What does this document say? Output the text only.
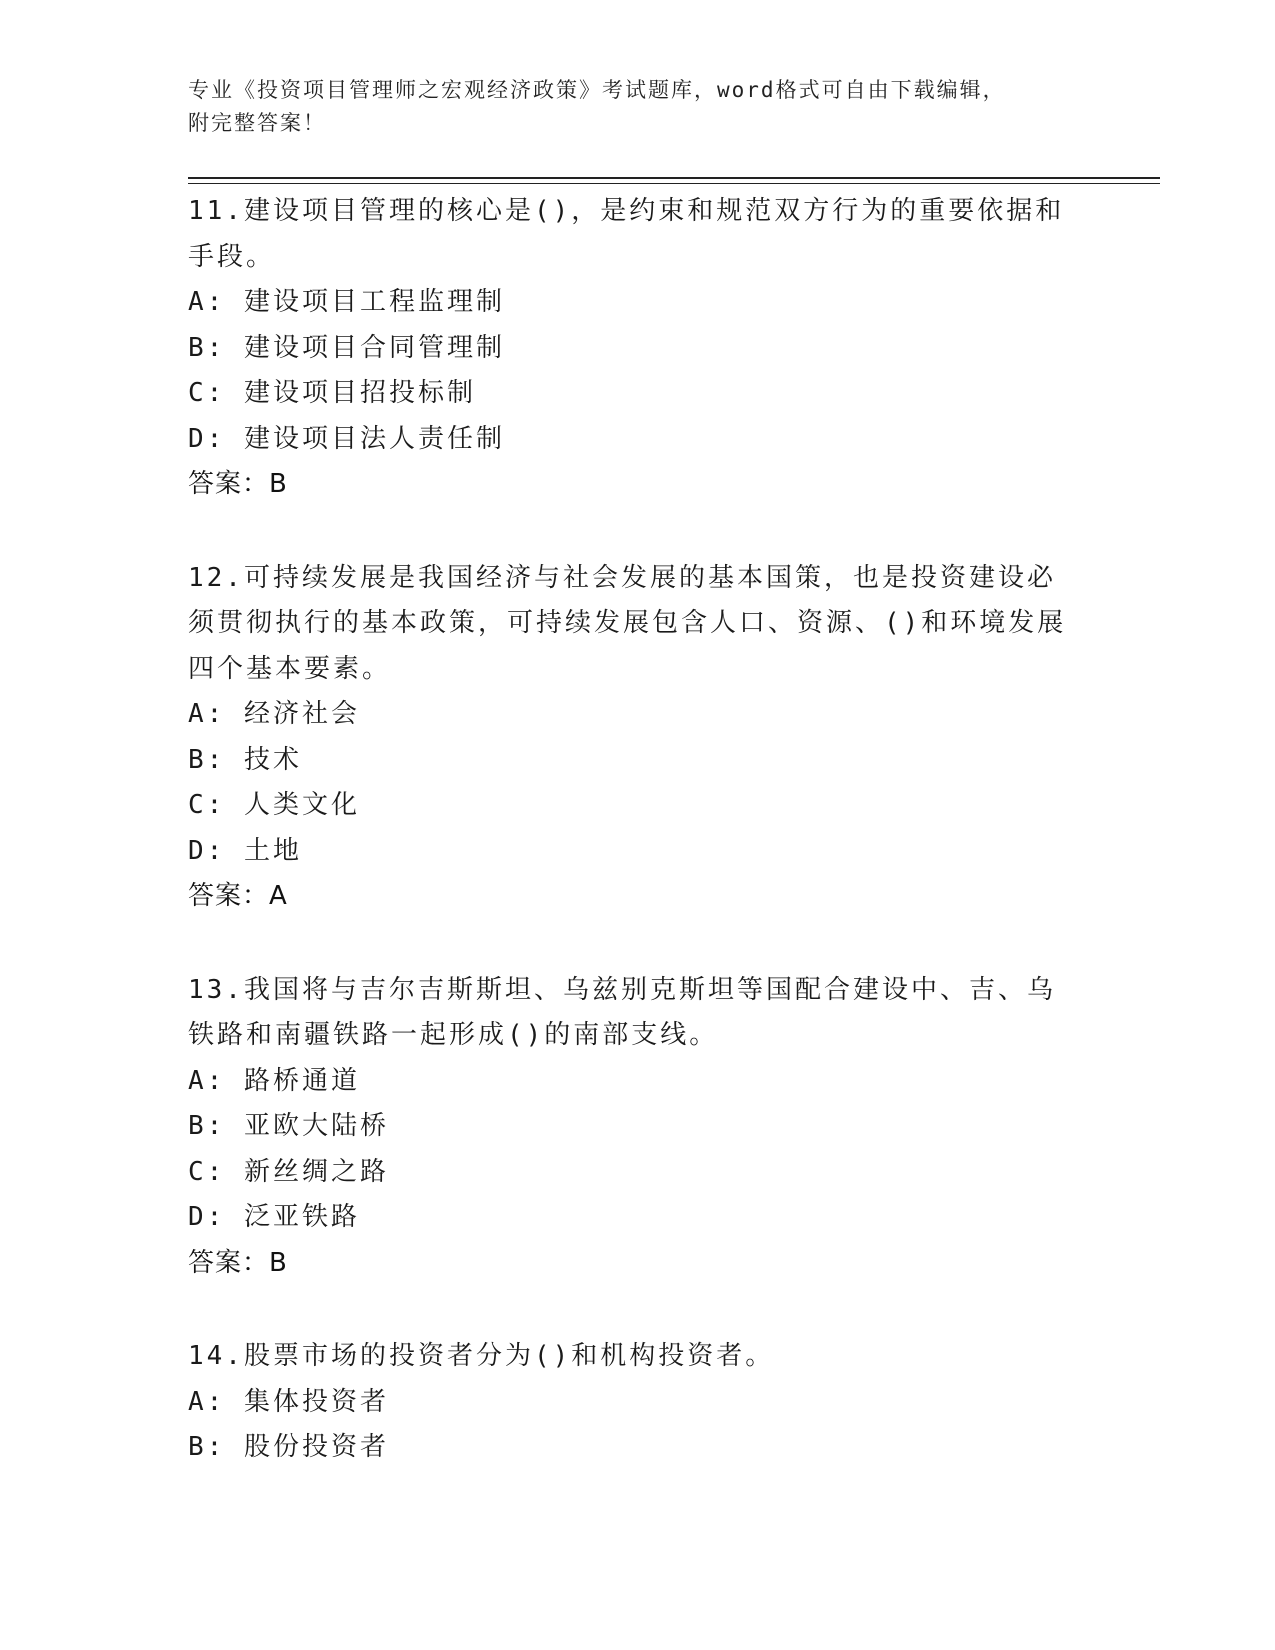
专业《投资项目管理师之宏观经济政策》考试题库，word格式可自由下载编辑，
附完整答案！
11.建设项目管理的核心是()，是约束和规范双方行为的重要依据和手段。
A: 建设项目工程监理制
B: 建设项目合同管理制
C: 建设项目招投标制
D: 建设项目法人责任制
答案：B
12.可持续发展是我国经济与社会发展的基本国策，也是投资建设必须贯彻执行的基本政策，可持续发展包含人口、资源、()和环境发展四个基本要素。
A: 经济社会
B: 技术
C: 人类文化
D: 土地
答案：A
13.我国将与吉尔吉斯斯坦、乌兹别克斯坦等国配合建设中、吉、乌铁路和南疆铁路一起形成()的南部支线。
A: 路桥通道
B: 亚欧大陆桥
C: 新丝绸之路
D: 泛亚铁路
答案：B
14.股票市场的投资者分为()和机构投资者。
A: 集体投资者
B: 股份投资者
